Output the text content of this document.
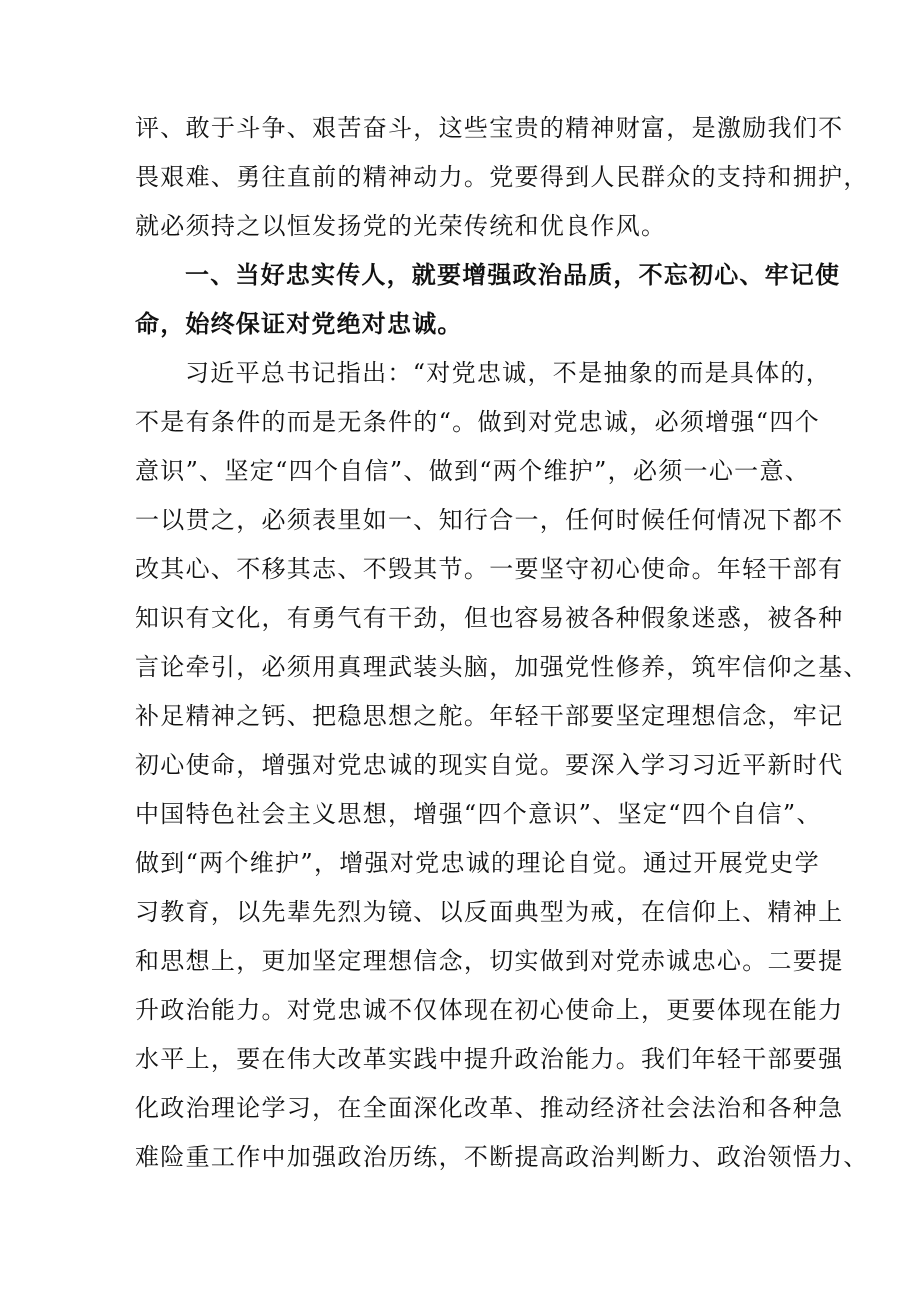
评、敢于斗争、艰苦奋斗，这些宝贵的精神财富，是激励我们不
畏艰难、勇往直前的精神动力。党要得到人民群众的支持和拥护，
就必须持之以恒发扬党的光荣传统和优良作风。
一、当好忠实传人，就要增强政治品质，不忘初心、牢记使
命，始终保证对党绝对忠诚。
习近平总书记指出：“对党忠诚，不是抽象的而是具体的，
不是有条件的而是无条件的“。做到对党忠诚，必须增强“四个
意识”、坚定“四个自信”、做到“两个维护”，必须一心一意、
一以贯之，必须表里如一、知行合一，任何时候任何情况下都不
改其心、不移其志、不毁其节。一要坚守初心使命。年轻干部有
知识有文化，有勇气有干劲，但也容易被各种假象迷惑，被各种
言论牵引，必须用真理武装头脑，加强党性修养，筑牢信仰之基、
补足精神之钙、把稳思想之舵。年轻干部要坚定理想信念，牢记
初心使命，增强对党忠诚的现实自觉。要深入学习习近平新时代
中国特色社会主义思想，增强“四个意识”、坚定“四个自信”、
做到“两个维护”，增强对党忠诚的理论自觉。通过开展党史学
习教育，以先辈先烈为镜、以反面典型为戒，在信仰上、精神上
和思想上，更加坚定理想信念，切实做到对党赤诚忠心。二要提
升政治能力。对党忠诚不仅体现在初心使命上，更要体现在能力
水平上，要在伟大改革实践中提升政治能力。我们年轻干部要强
化政治理论学习，在全面深化改革、推动经济社会法治和各种急
难险重工作中加强政治历练，不断提高政治判断力、政治领悟力、
